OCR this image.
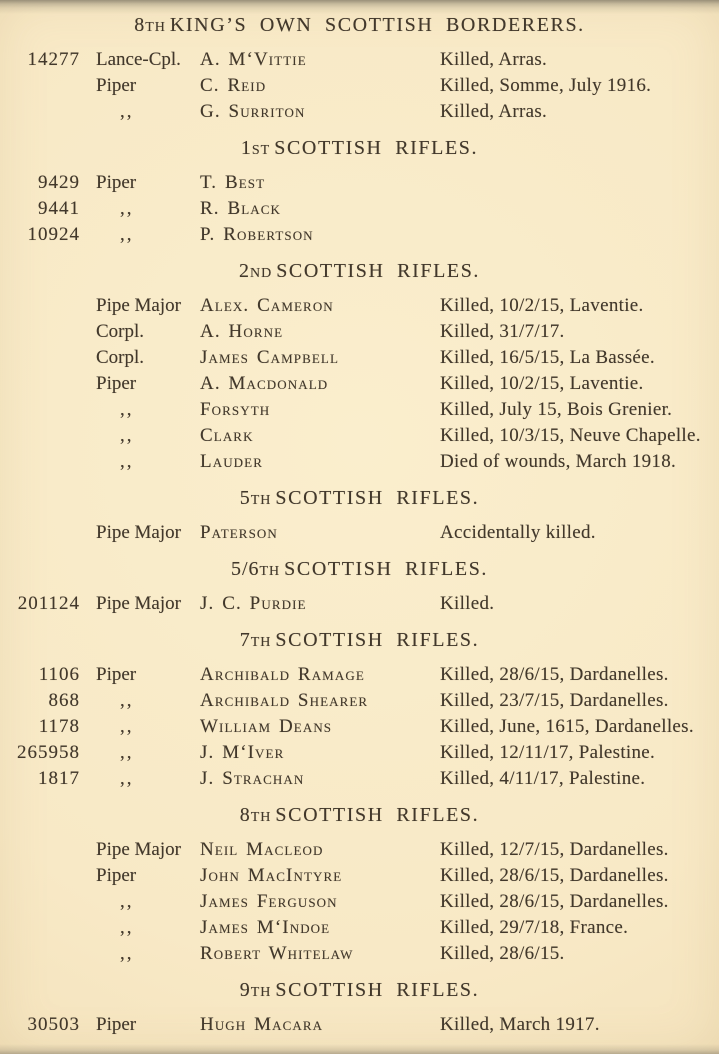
8th KING’S OWN SCOTTISH BORDERERS.
14277 Lance-Cpl.	A. M‘Vittie	Killed, Arras.
Piper	C. Reid	Killed, Somme, July 1916.
,,	G. Surriton	Killed, Arras.
1st SCOTTISH RIFLES.
9429 Piper	T. Best
9441	,,	R. Black
10924	,,	P. Robertson
2nd SCOTTISH RIFLES.
Pipe Major	Alex. Cameron	Killed, 10/2/15, Laventie.
Corpl.	A. Horne	Killed, 31/7/17.
Corpl.	James Campbell	Killed, 16/5/15, La Bassée.
Piper	A. Macdonald	Killed, 10/2/15, Laventie.
,,	Forsyth	Killed, July 15, Bois Grenier.
,,	Clark	Killed, 10/3/15, Neuve Chapelle.
,,	Lauder	Died of wounds, March 1918.
5th SCOTTISH RIFLES.
Pipe Major	Paterson	Accidentally killed.
5/6th SCOTTISH RIFLES.
201124 Pipe Major	J. C. Purdie	Killed.
7th SCOTTISH RIFLES.
1106 Piper	Archibald Ramage	Killed, 28/6/15, Dardanelles.
868	,,	Archibald Shearer	Killed, 23/7/15, Dardanelles.
1178	,,	William Deans	Killed, June, 1615, Dardanelles.
265958	,,	J. M‘Iver	Killed, 12/11/17, Palestine.
1817	,,	J. Strachan	Killed, 4/11/17, Palestine.
8th SCOTTISH RIFLES.
Pipe Major	Neil Macleod	Killed, 12/7/15, Dardanelles.
Piper	John MacIntyre	Killed, 28/6/15, Dardanelles.
,,	James Ferguson	Killed, 28/6/15, Dardanelles.
,,	James M‘Indoe	Killed, 29/7/18, France.
,,	Robert Whitelaw	Killed, 28/6/15.
9th SCOTTISH RIFLES.
30503 Piper	Hugh Macara	Killed, March 1917.
